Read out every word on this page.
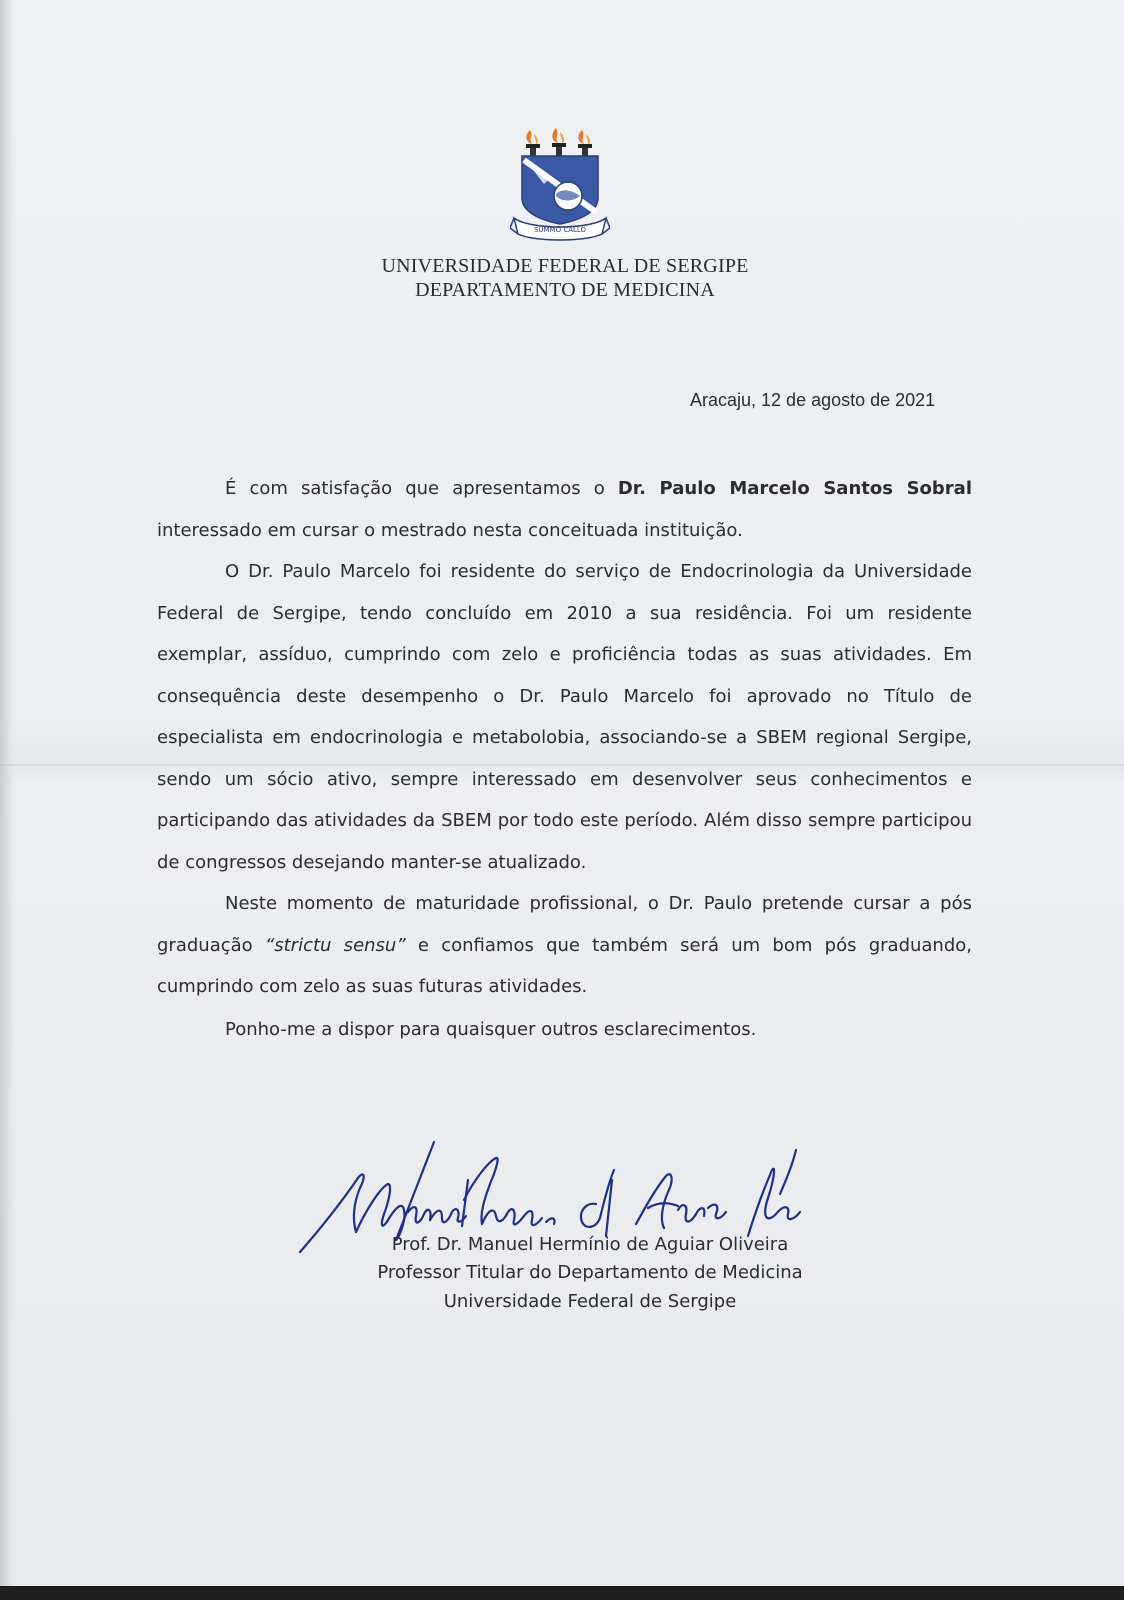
SUMMO CALLO
UNIVERSIDADE FEDERAL DE SERGIPE
DEPARTAMENTO DE MEDICINA
Aracaju, 12 de agosto de 2021
É com satisfação que apresentamos o Dr. Paulo Marcelo Santos Sobral interessado em cursar o mestrado nesta conceituada instituição.
O Dr. Paulo Marcelo foi residente do serviço de Endocrinologia da Universidade Federal de Sergipe, tendo concluído em 2010 a sua residência. Foi um residente exemplar, assíduo, cumprindo com zelo e proficiência todas as suas atividades. Em consequência deste desempenho o Dr. Paulo Marcelo foi aprovado no Título de especialista em endocrinologia e metabolobia, associando-se a SBEM regional Sergipe, sendo um sócio ativo, sempre interessado em desenvolver seus conhecimentos e participando das atividades da SBEM por todo este período. Além disso sempre participou de congressos desejando manter-se atualizado.
Neste momento de maturidade profissional, o Dr. Paulo pretende cursar a pós graduação “strictu sensu” e confiamos que também será um bom pós graduando, cumprindo com zelo as suas futuras atividades.
Ponho-me a dispor para quaisquer outros esclarecimentos.
Prof. Dr. Manuel Hermínio de Aguiar Oliveira
Professor Titular do Departamento de Medicina
Universidade Federal de Sergipe
